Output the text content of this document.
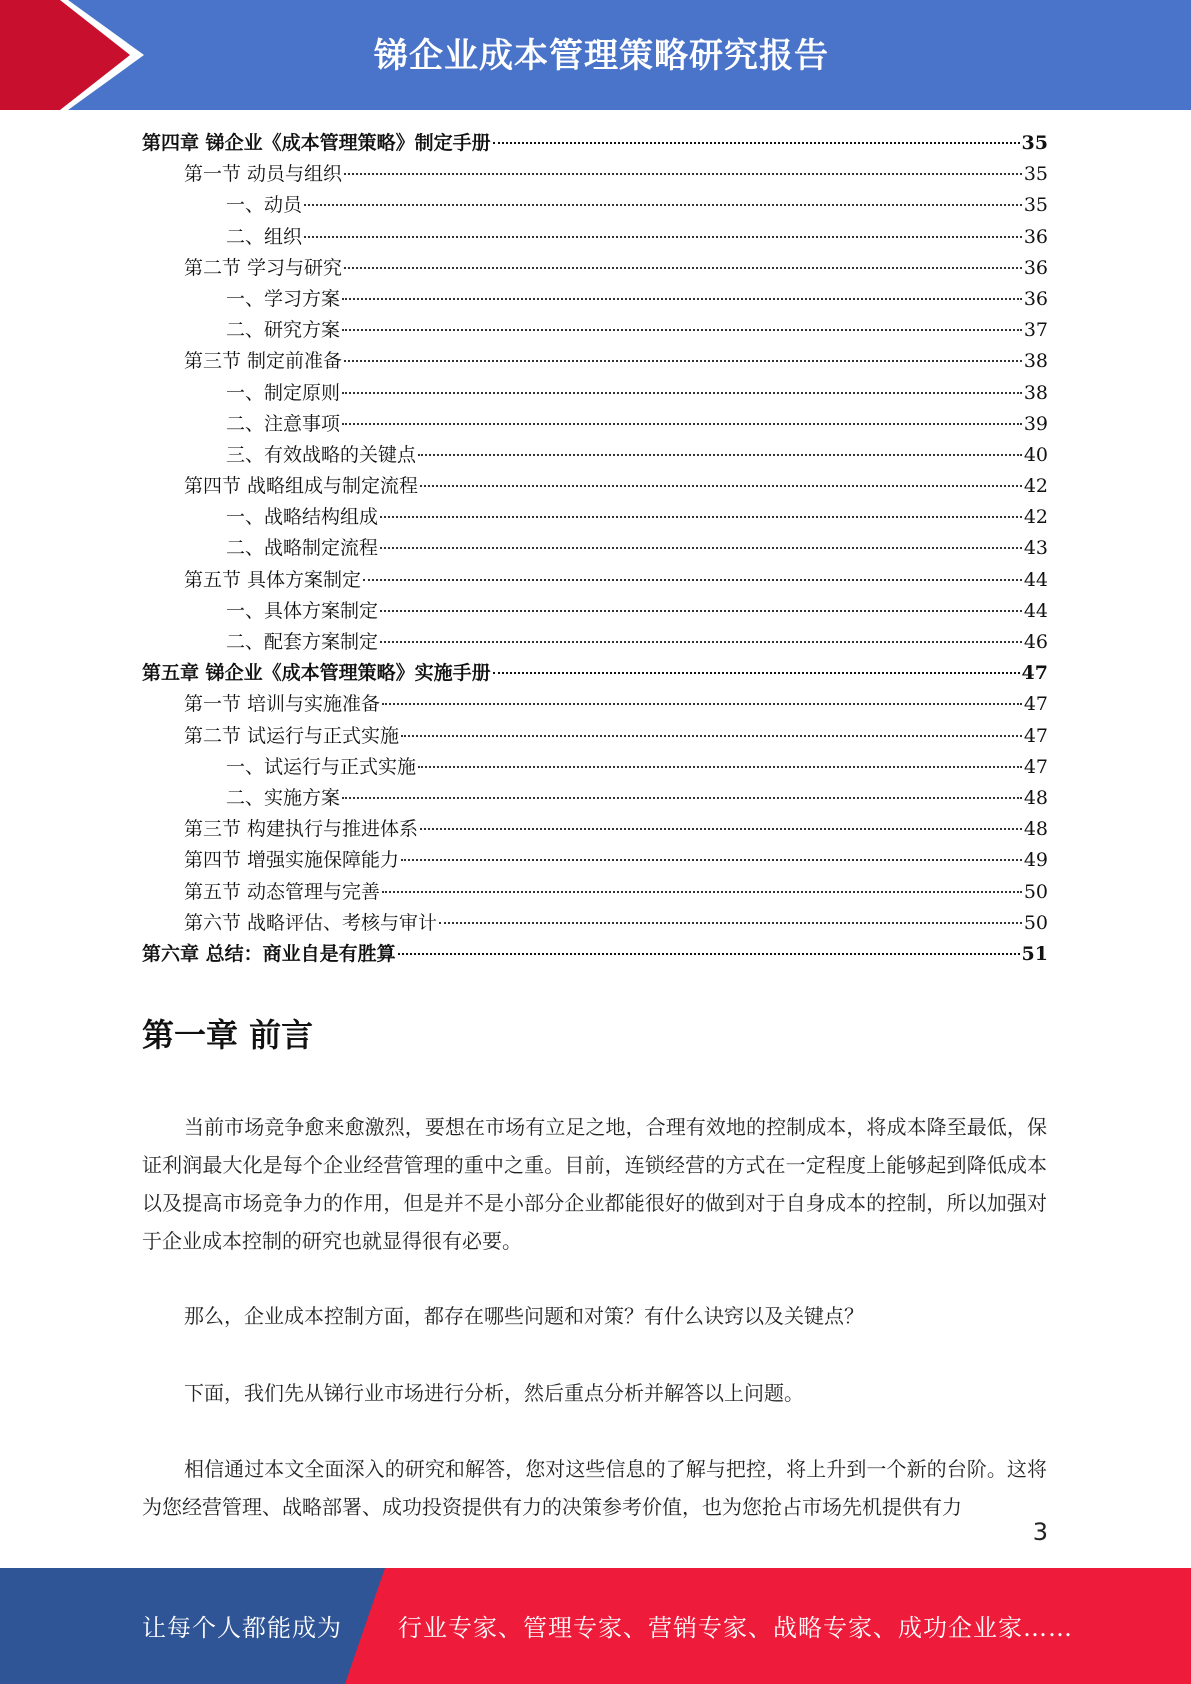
锑企业成本管理策略研究报告
第四章 锑企业《成本管理策略》制定手册	35
第一节 动员与组织	35
一、动员	35
二、组织	36
第二节 学习与研究	36
一、学习方案	36
二、研究方案	37
第三节 制定前准备	38
一、制定原则	38
二、注意事项	39
三、有效战略的关键点	40
第四节 战略组成与制定流程	42
一、战略结构组成	42
二、战略制定流程	43
第五节 具体方案制定	44
一、具体方案制定	44
二、配套方案制定	46
第五章 锑企业《成本管理策略》实施手册	47
第一节 培训与实施准备	47
第二节 试运行与正式实施	47
一、试运行与正式实施	47
二、实施方案	48
第三节 构建执行与推进体系	48
第四节 增强实施保障能力	49
第五节 动态管理与完善	50
第六节 战略评估、考核与审计	50
第六章 总结：商业自是有胜算	51
第一章 前言

当前市场竞争愈来愈激烈，要想在市场有立足之地，合理有效地的控制成本，将成本降至最低，保证利润最大化是每个企业经营管理的重中之重。目前，连锁经营的方式在一定程度上能够起到降低成本以及提高市场竞争力的作用，但是并不是小部分企业都能很好的做到对于自身成本的控制，所以加强对于企业成本控制的研究也就显得很有必要。

那么，企业成本控制方面，都存在哪些问题和对策？有什么诀窍以及关键点？

下面，我们先从锑行业市场进行分析，然后重点分析并解答以上问题。

相信通过本文全面深入的研究和解答，您对这些信息的了解与把控，将上升到一个新的台阶。这将为您经营管理、战略部署、成功投资提供有力的决策参考价值，也为您抢占市场先机提供有力

3
让每个人都能成为 行业专家、管理专家、营销专家、战略专家、成功企业家……
